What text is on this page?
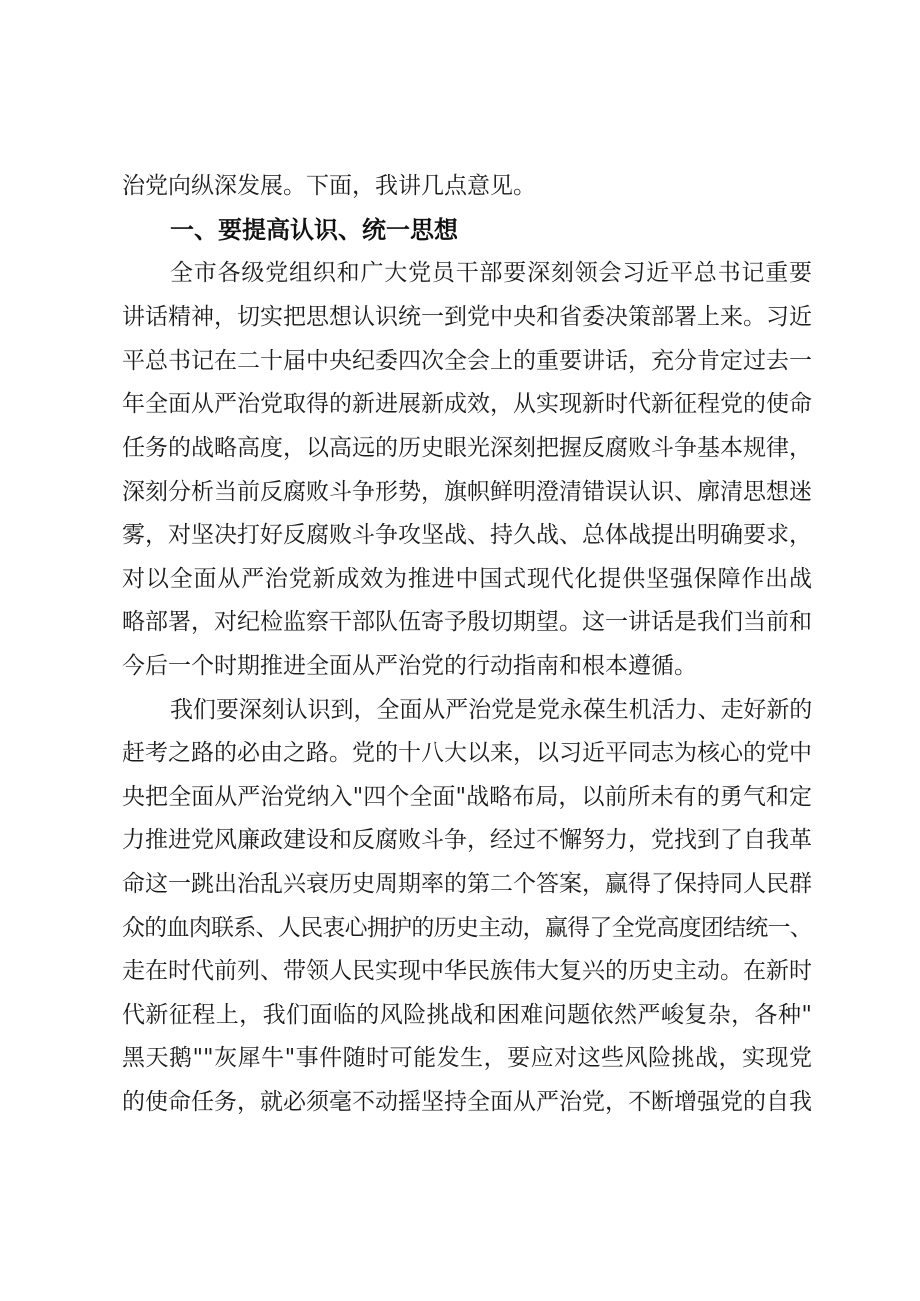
治党向纵深发展。下面，我讲几点意见。
一、要提高认识、统一思想
全市各级党组织和广大党员干部要深刻领会习近平总书记重要
讲话精神，切实把思想认识统一到党中央和省委决策部署上来。习近
平总书记在二十届中央纪委四次全会上的重要讲话，充分肯定过去一
年全面从严治党取得的新进展新成效，从实现新时代新征程党的使命
任务的战略高度，以高远的历史眼光深刻把握反腐败斗争基本规律，
深刻分析当前反腐败斗争形势，旗帜鲜明澄清错误认识、廓清思想迷
雾，对坚决打好反腐败斗争攻坚战、持久战、总体战提出明确要求，
对以全面从严治党新成效为推进中国式现代化提供坚强保障作出战
略部署，对纪检监察干部队伍寄予殷切期望。这一讲话是我们当前和
今后一个时期推进全面从严治党的行动指南和根本遵循。
我们要深刻认识到，全面从严治党是党永葆生机活力、走好新的
赶考之路的必由之路。党的十八大以来，以习近平同志为核心的党中
央把全面从严治党纳入"四个全面"战略布局，以前所未有的勇气和定
力推进党风廉政建设和反腐败斗争，经过不懈努力，党找到了自我革
命这一跳出治乱兴衰历史周期率的第二个答案，赢得了保持同人民群
众的血肉联系、人民衷心拥护的历史主动，赢得了全党高度团结统一、
走在时代前列、带领人民实现中华民族伟大复兴的历史主动。在新时
代新征程上，我们面临的风险挑战和困难问题依然严峻复杂，各种"
黑天鹅""灰犀牛"事件随时可能发生，要应对这些风险挑战，实现党
的使命任务，就必须毫不动摇坚持全面从严治党，不断增强党的自我
